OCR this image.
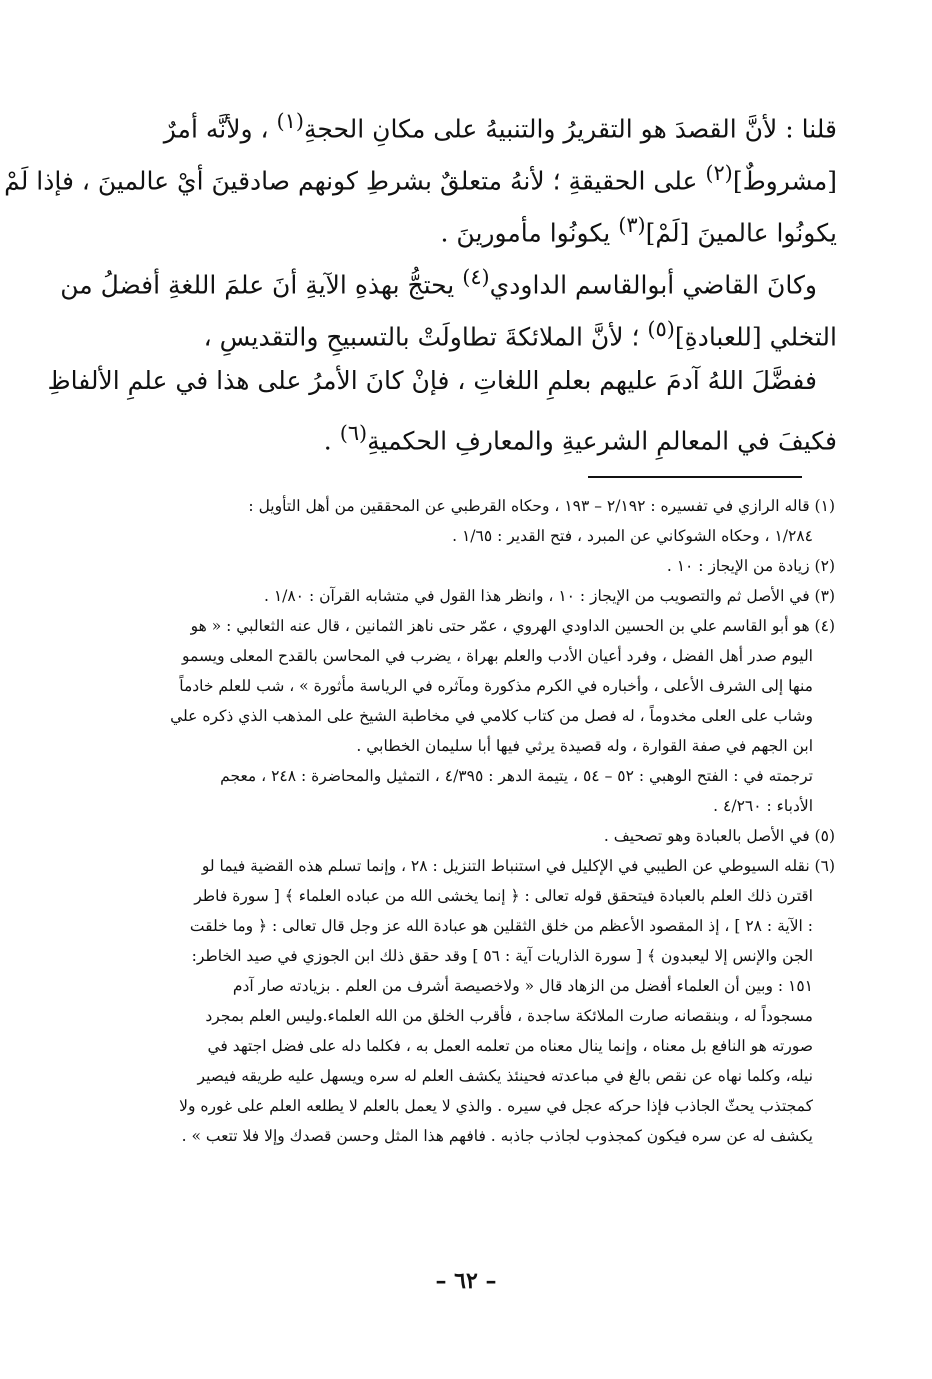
قلنا : لأنَّ القصدَ هو التقريرُ والتنبيهُ على مكانِ الحجةِ$^{(١)}$ ، ولأنَّه أمرٌ
[مشروطٌ]$^{(٢)}$ على الحقيقةِ ؛ لأنهُ متعلقٌ بشرطِ كونهم صادقينَ أيْ عالمينَ ، فإذا لَمْ
يكونُوا عالمينَ [لَمْ]$^{(٣)}$ يكونُوا مأمورينَ .
وكانَ القاضي أبوالقاسم الداودي$^{(٤)}$ يحتجُّ بهذهِ الآيةِ أنَ علمَ اللغةِ أفضلُ من
التخلي [للعبادةِ]$^{(٥)}$ ؛ لأنَّ الملائكةَ تطاولَتْ بالتسبيحِ والتقديسِ ،
ففضَّلَ اللهُ آدمَ عليهم بعلمِ اللغاتِ ، فإنْ كانَ الأمرُ على هذا في علمِ الألفاظِ
فكيفَ في المعالمِ الشرعيةِ والمعارفِ الحكميةِ$^{(٦)}$ .
(١) قاله الرازي في تفسيره : ٢/١٩٢ – ١٩٣ ، وحكاه القرطبي عن المحققين من أهل التأويل :
١/٢٨٤ ، وحكاه الشوكاني عن المبرد ، فتح القدير : ١/٦٥ .
(٢) زيادة من الإيجاز : ١٠ .
(٣) في الأصل ثم والتصويب من الإيجاز : ١٠ ، وانظر هذا القول في متشابه القرآن : ١/٨٠ .
(٤) هو أبو القاسم علي بن الحسين الداودي الهروي ، عمّر حتى ناهز الثمانين ، قال عنه الثعالبي : « هو
اليوم صدر أهل الفضل ، وفرد أعيان الأدب والعلم بهراة ، يضرب في المحاسن بالقدح المعلى ويسمو
منها إلى الشرف الأعلى ، وأخباره في الكرم مذكورة ومآثره في الرياسة مأثورة » ، شب للعلم خادماً
وشاب على العلى مخدوماً ، له فصل من كتاب كلامي في مخاطبة الشيخ على المذهب الذي ذكره علي
ابن الجهم في صفة القوارة ، وله قصيدة يرثي فيها أبا سليمان الخطابي .
ترجمته في : الفتح الوهبي : ٥٢ – ٥٤ ، يتيمة الدهر : ٤/٣٩٥ ، التمثيل والمحاضرة : ٢٤٨ ، معجم
الأدباء : ٤/٢٦٠ .
(٥) في الأصل بالعبادة وهو تصحيف .
(٦) نقله السيوطي عن الطيبي في الإكليل في استنباط التنزيل : ٢٨ ، وإنما تسلم هذه القضية فيما لو
اقترن ذلك العلم بالعبادة فيتحقق قوله تعالى : ﴿ إنما يخشى الله من عباده العلماء ﴾ [ سورة فاطر
: الآية : ٢٨ ] ، إذ المقصود الأعظم من خلق الثقلين هو عبادة الله عز وجل قال تعالى : ﴿ وما خلقت
الجن والإنس إلا ليعبدون ﴾ [ سورة الذاريات آية : ٥٦ ] وقد حقق ذلك ابن الجوزي في صيد الخاطر:
١٥١ : وبين أن العلماء أفضل من الزهاد قال « ولاخصيصة أشرف من العلم . بزيادته صار آدم
مسجوداً له ، وبنقصانه صارت الملائكة ساجدة ، فأقرب الخلق من الله العلماء.وليس العلم بمجرد
صورته هو النافع بل معناه ، وإنما ينال معناه من تعلمه العمل به ، فكلما دله على فضل اجتهد في
نيله، وكلما نهاه عن نقص بالغ في مباعدته فحينئذ يكشف العلم له سره ويسهل عليه طريقه فيصير
كمجتذب يحثّ الجاذب فإذا حركه عجل في سيره . والذي لا يعمل بالعلم لا يطلعه العلم على غوره ولا
يكشف له عن سره فيكون كمجذوب لجاذب جاذبه . فافهم هذا المثل وحسن قصدك وإلا فلا تتعب » .
– ٦٢ –
